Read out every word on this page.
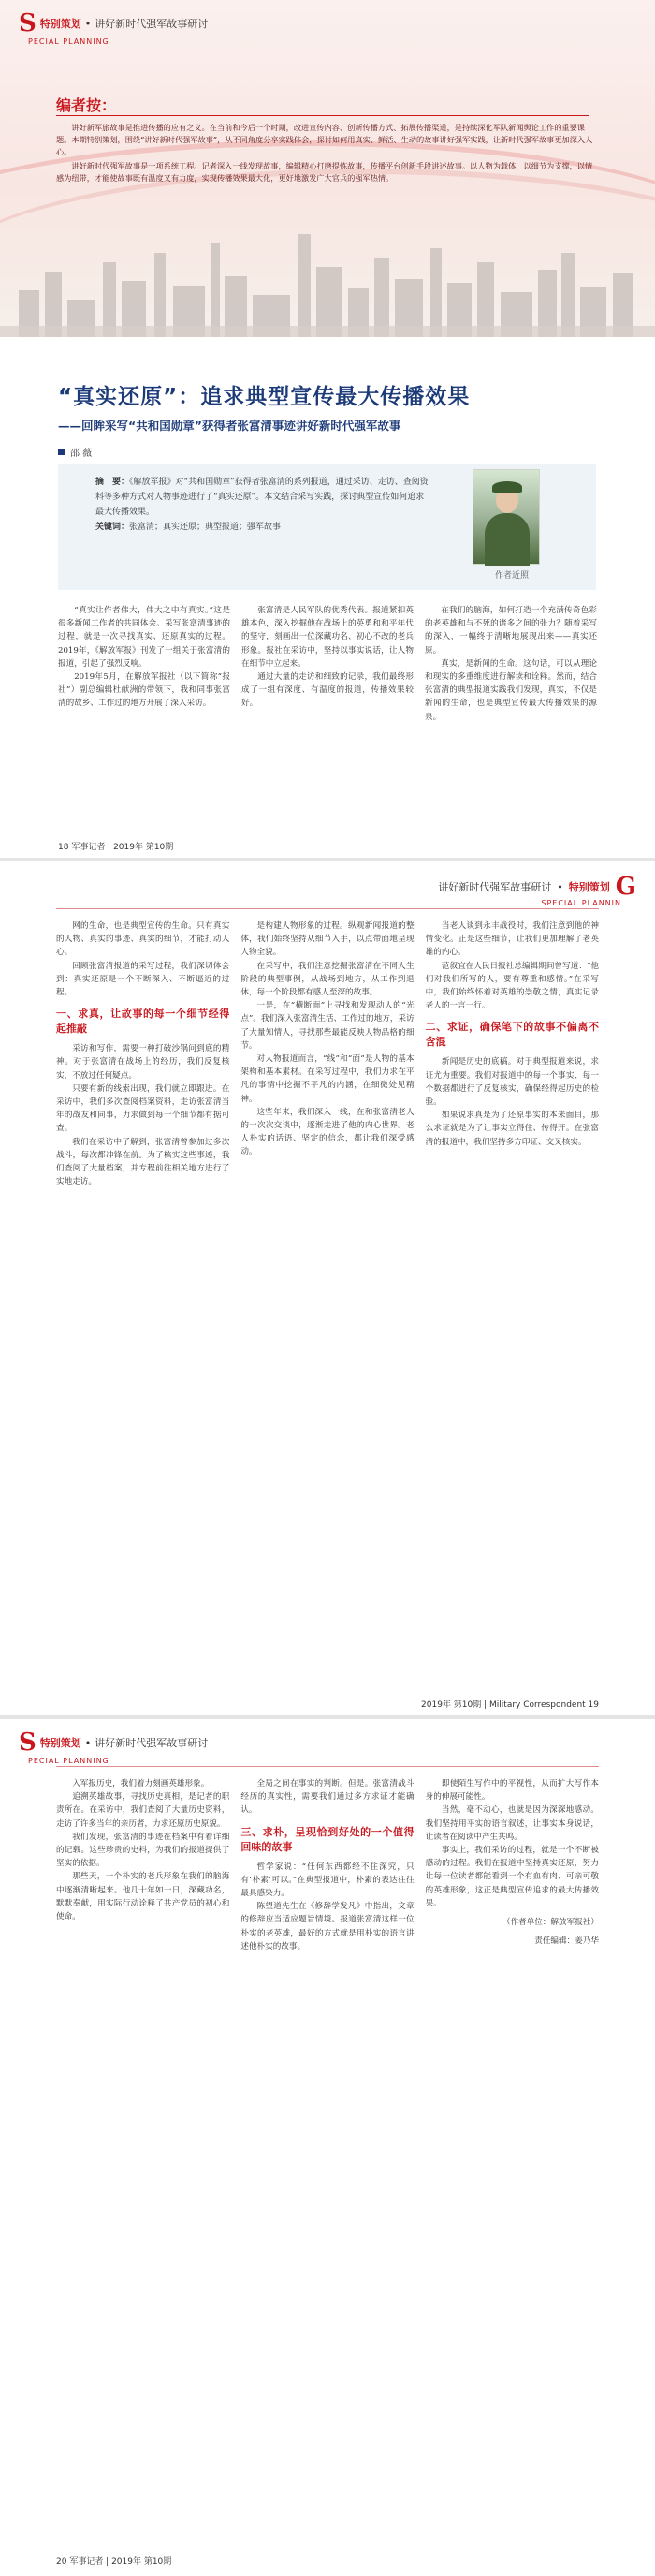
S 特别策划 • 讲好新时代强军故事研讨
PECIAL PLANNING
编者按：

讲好新军旅故事是推进传播的应有之义。在当前和今后一个时期，改进宣传内容、创新传播方式、拓展传播渠道，是持续深化军队新闻舆论工作的重要课题。本期特别策划，围绕“讲好新时代强军故事”，从不同角度分享实践体会，探讨如何用真实、鲜活、生动的故事讲好强军实践，让新时代强军故事更加深入人心。

讲好新时代强军故事是一项系统工程。记者深入一线发现故事，编辑精心打磨提炼故事，传播平台创新手段讲述故事。以人物为载体，以细节为支撑，以情感为纽带，才能使故事既有温度又有力度，实现传播效果最大化，更好地激发广大官兵的强军热情。

“真实还原”：追求典型宣传最大传播效果
——回眸采写“共和国勋章”获得者张富清事迹讲好新时代强军故事
邵 薇
摘　要：《解放军报》对“共和国勋章”获得者张富清的系列报道，通过采访、走访、查阅资料等多种方式对人物事迹进行了“真实还原”。本文结合采写实践，探讨典型宣传如何追求最大传播效果。
关键词：张富清；真实还原；典型报道；强军故事
作者近照

“真实让作者伟大，伟大之中有真实。”这是很多新闻工作者的共同体会。采写张富清事迹的过程，就是一次寻找真实、还原真实的过程。2019年，《解放军报》刊发了一组关于张富清的报道，引起了强烈反响。

2019年5月，在解放军报社（以下简称“报社”）副总编辑杜献洲的带领下，我和同事张富清的故乡、工作过的地方开展了深入采访。

张富清是人民军队的优秀代表。报道紧扣英雄本色，深入挖掘他在战场上的英勇和和平年代的坚守，刻画出一位深藏功名、初心不改的老兵形象。报社在采访中，坚持以事实说话，让人物在细节中立起来。

通过大量的走访和细致的记录，我们最终形成了一组有深度、有温度的报道，传播效果较好。

在我们的脑海，如何打造一个充满传奇色彩的老英雄和与不死的诸多之间的张力？随着采写的深入，一幅终于清晰地展现出来——真实还原。

真实，是新闻的生命。这句话，可以从理论和现实的多重维度进行解读和诠释。然而，结合张富清的典型报道实践我们发现，真实，不仅是新闻的生命，也是典型宣传最大传播效果的源泉。

18 军事记者 | 2019年 第10期
讲好新时代强军故事研讨 • 特别策划 G
SPECIAL PLANNIN

网的生命，也是典型宣传的生命。只有真实的人物、真实的事迹、真实的细节，才能打动人心。

回顾张富清报道的采写过程，我们深切体会到：真实还原是一个不断深入、不断逼近的过程。

一、求真，让故事的每一个细节经得起推敲

采访和写作，需要一种打破沙锅问到底的精神。对于张富清在战场上的经历，我们反复核实，不放过任何疑点。

只要有新的线索出现，我们就立即跟进。在采访中，我们多次查阅档案资料，走访张富清当年的战友和同事，力求做到每一个细节都有据可查。

我们在采访中了解到，张富清曾参加过多次战斗，每次都冲锋在前。为了核实这些事迹，我们查阅了大量档案，并专程前往相关地方进行了实地走访。

是构建人物形象的过程。纵观新闻报道的整体，我们始终坚持从细节入手，以点带面地呈现人物全貌。

在采写中，我们注意挖掘张富清在不同人生阶段的典型事例，从战场到地方，从工作到退休，每一个阶段都有感人至深的故事。

一是，在“横断面”上寻找和发现动人的“光点”。我们深入张富清生活、工作过的地方，采访了大量知情人，寻找那些最能反映人物品格的细节。

对人物报道而言，“线”和“面”是人物的基本架构和基本素材。在采写过程中，我们力求在平凡的事情中挖掘不平凡的内涵，在细微处见精神。

这些年来，我们深入一线，在和张富清老人的一次次交谈中，逐渐走进了他的内心世界。老人朴实的话语、坚定的信念，都让我们深受感动。

当老人谈到永丰战役时，我们注意到他的神情变化。正是这些细节，让我们更加理解了老英雄的内心。

范叙宜在人民日报社总编辑期间曾写道：“他们对我们所写的人，要有尊重和感情。”在采写中，我们始终怀着对英雄的崇敬之情，真实记录老人的一言一行。

二、求证，确保笔下的故事不偏离不含混

新闻是历史的底稿。对于典型报道来说，求证尤为重要。我们对报道中的每一个事实、每一个数据都进行了反复核实，确保经得起历史的检验。

如果说求真是为了还原事实的本来面目，那么求证就是为了让事实立得住、传得开。在张富清的报道中，我们坚持多方印证、交叉核实。

2019年 第10期 | Military Correspondent 19
S 特别策划 • 讲好新时代强军故事研讨
PECIAL PLANNING

入军报历史，我们着力刻画英雄形象。

追溯英雄故事，寻找历史真相，是记者的职责所在。在采访中，我们查阅了大量历史资料，走访了许多当年的亲历者，力求还原历史原貌。

我们发现，张富清的事迹在档案中有着详细的记载。这些珍贵的史料，为我们的报道提供了坚实的依据。

那些天，一个朴实的老兵形象在我们的脑海中逐渐清晰起来。他几十年如一日，深藏功名，默默奉献，用实际行动诠释了共产党员的初心和使命。

全局之间在事实的判断。但是。张富清战斗经历的真实性，需要我们通过多方求证才能确认。

三、求朴，呈现恰到好处的一个值得回味的故事

哲学家说：“任何东西都经不住深究，只有‘朴素’可以。”在典型报道中，朴素的表达往往最具感染力。

陈望道先生在《修辞学发凡》中指出，文章的修辞应当适应题旨情境。报道张富清这样一位朴实的老英雄，最好的方式就是用朴实的语言讲述他朴实的故事。

即使陌生写作中的平视性，从而扩大写作本身的伸展可能性。

当然，毫不动心，也就是因为深深地感动。我们坚持用平实的语言叙述，让事实本身说话，让读者在阅读中产生共鸣。

事实上，我们采访的过程，就是一个不断被感动的过程。我们在报道中坚持真实还原，努力让每一位读者都能看到一个有血有肉、可亲可敬的英雄形象，这正是典型宣传追求的最大传播效果。

（作者单位：解放军报社）
责任编辑：姜乃华
20 军事记者 | 2019年 第10期
